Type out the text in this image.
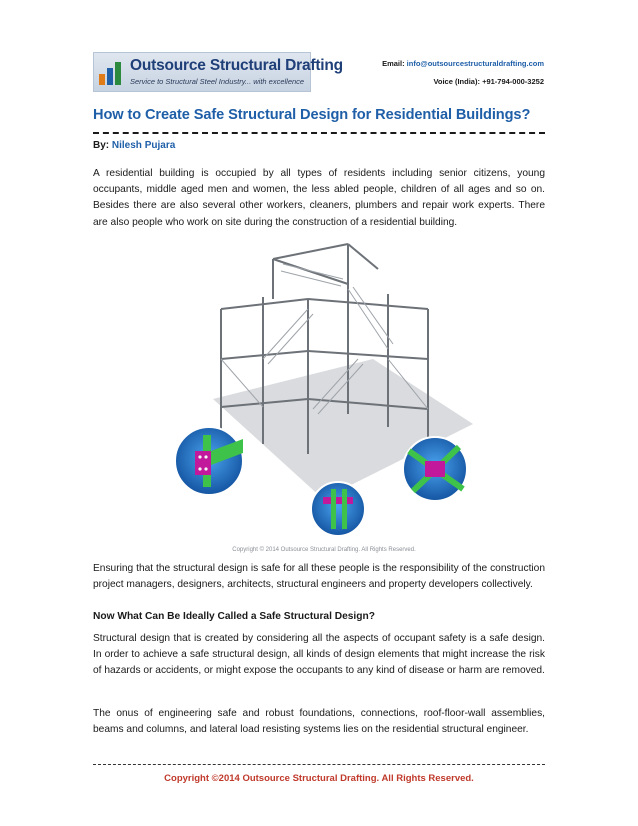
Outsource Structural Drafting
Service to Structural Steel Industry... with excellence
Email: info@outsourcestructuraldrafting.com
Voice (India): +91-794-000-3252
How to Create Safe Structural Design for Residential Buildings?
By: Nilesh Pujara

A residential building is occupied by all types of residents including senior citizens, young occupants, middle aged men and women, the less abled people, children of all ages and so on. Besides there are also several other workers, cleaners, plumbers and repair work experts. There are also people who work on site during the construction of a residential building.

Copyright © 2014 Outsource Structural Drafting. All Rights Reserved.

Ensuring that the structural design is safe for all these people is the responsibility of the construction project managers, designers, architects, structural engineers and property developers collectively.

Now What Can Be Ideally Called a Safe Structural Design?

Structural design that is created by considering all the aspects of occupant safety is a safe design. In order to achieve a safe structural design, all kinds of design elements that might increase the risk of hazards or accidents, or might expose the occupants to any kind of disease or harm are removed.

The onus of engineering safe and robust foundations, connections, roof-floor-wall assemblies, beams and columns, and lateral load resisting systems lies on the residential structural engineer.

Copyright ©2014 Outsource Structural Drafting. All Rights Reserved.
